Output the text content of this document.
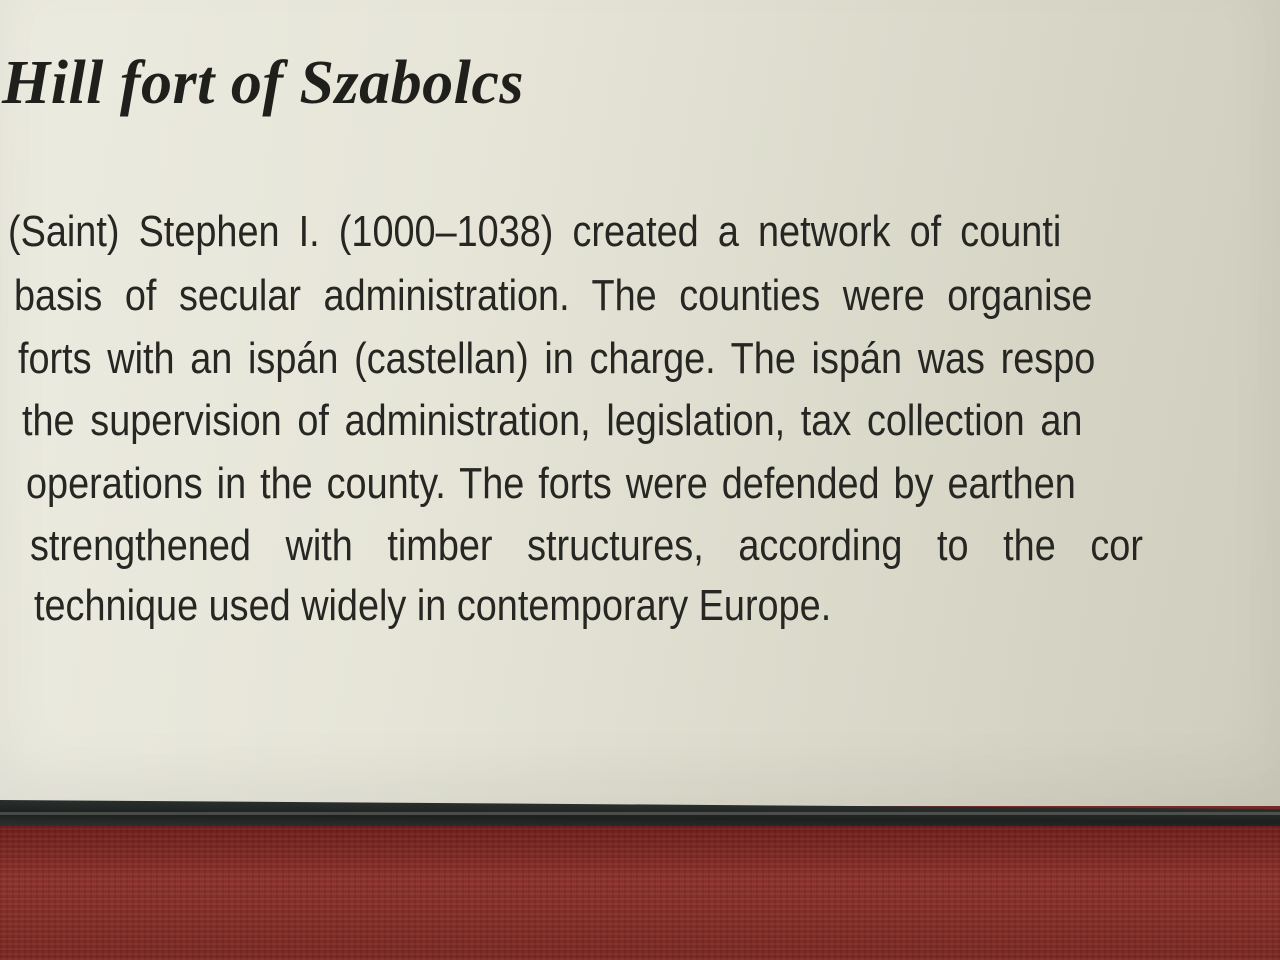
Hill fort of Szabolcs
(Saint) Stephen I. (1000–1038) created a network of counti
basis of secular administration. The counties were organise
forts with an ispán (castellan) in charge. The ispán was respo
the supervision of administration, legislation, tax collection an
operations in the county. The forts were defended by earthen
strengthened with timber structures, according to the cor
technique used widely in contemporary Europe.
